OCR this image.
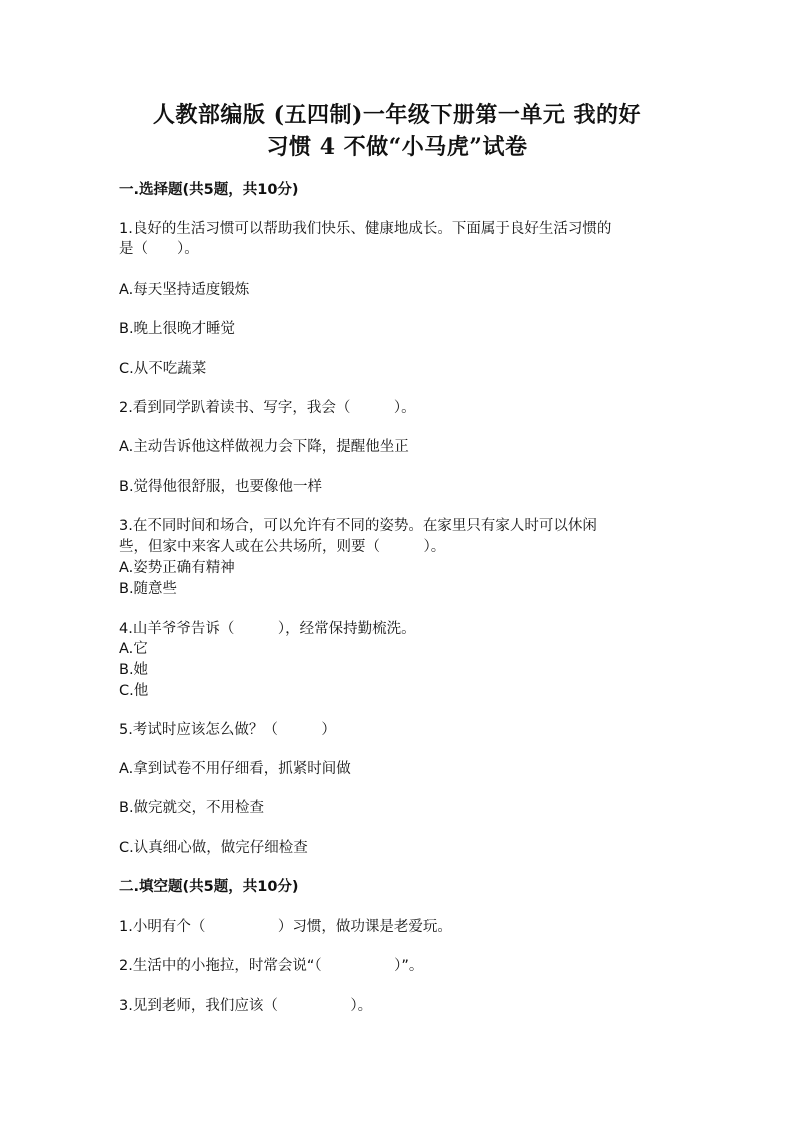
人教部编版 (五四制)一年级下册第一单元 我的好
习惯 4 不做“小马虎”试卷
一.选择题(共5题，共10分)
1.良好的生活习惯可以帮助我们快乐、健康地成长。下面属于良好生活习惯的
是（　　）。
A.每天坚持适度锻炼
B.晚上很晚才睡觉
C.从不吃蔬菜
2.看到同学趴着读书、写字，我会（　　　）。
A.主动告诉他这样做视力会下降，提醒他坐正
B.觉得他很舒服，也要像他一样
3.在不同时间和场合，可以允许有不同的姿势。在家里只有家人时可以休闲
些，但家中来客人或在公共场所，则要（　　　）。
A.姿势正确有精神
B.随意些
4.山羊爷爷告诉（　　　），经常保持勤梳洗。
A.它
B.她
C.他
5.考试时应该怎么做？（　　　）
A.拿到试卷不用仔细看，抓紧时间做
B.做完就交，不用检查
C.认真细心做，做完仔细检查
二.填空题(共5题，共10分)
1.小明有个（　　　　　）习惯，做功课是老爱玩。
2.生活中的小拖拉，时常会说“（　　　　　）”。
3.见到老师，我们应该（　　　　　）。
